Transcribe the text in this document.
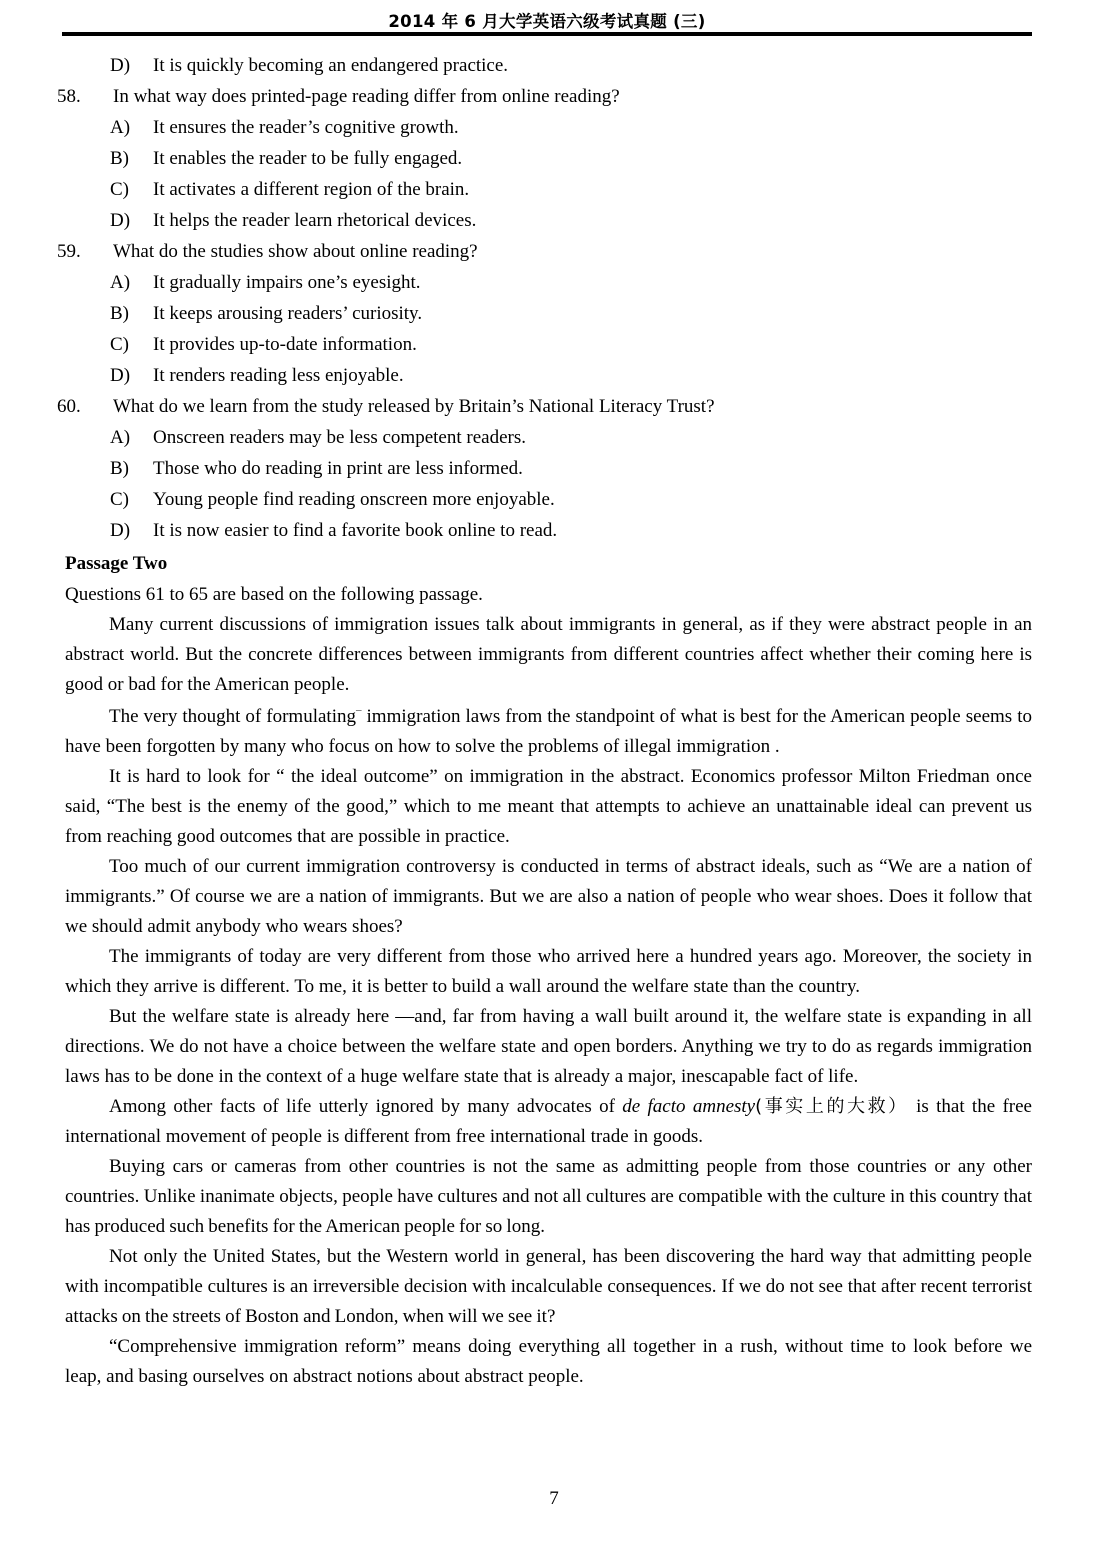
2014 年 6 月大学英语六级考试真题 (三)
D)	It is quickly becoming an endangered practice.
58.	In what way does printed-page reading differ from online reading?
A)	It ensures the reader’s cognitive growth.
B)	It enables the reader to be fully engaged.
C)	It activates a different region of the brain.
D)	It helps the reader learn rhetorical devices.
59.	What do the studies show about online reading?
A)	It gradually impairs one’s eyesight.
B)	It keeps arousing readers’ curiosity.
C)	It provides up-to-date information.
D)	It renders reading less enjoyable.
60.	What do we learn from the study released by Britain’s National Literacy Trust?
A)	Onscreen readers may be less competent readers.
B)	Those who do reading in print are less informed.
C)	Young people find reading onscreen more enjoyable.
D)	It is now easier to find a favorite book online to read.
Passage Two
Questions 61 to 65 are based on the following passage.

Many current discussions of immigration issues talk about immigrants in general, as if they were abstract people in an abstract world. But the concrete differences between immigrants from different countries affect whether their coming here is good or bad for the American people.

The very thought of formulating¯ immigration laws from the standpoint of what is best for the American people seems to have been forgotten by many who focus on how to solve the problems of illegal immigration .

It is hard to look for “ the ideal outcome” on immigration in the abstract. Economics professor Milton Friedman once said, “The best is the enemy of the good,” which to me meant that attempts to achieve an unattainable ideal can prevent us from reaching good outcomes that are possible in practice.

Too much of our current immigration controversy is conducted in terms of abstract ideals, such as “We are a nation of immigrants.” Of course we are a nation of immigrants. But we are also a nation of people who wear shoes. Does it follow that we should admit anybody who wears shoes?

The immigrants of today are very different from those who arrived here a hundred years ago. Moreover, the society in which they arrive is different. To me, it is better to build a wall around the welfare state than the country.

But the welfare state is already here —and, far from having a wall built around it, the welfare state is expanding in all directions. We do not have a choice between the welfare state and open borders. Anything we try to do as regards immigration laws has to be done in the context of a huge welfare state that is already a major, inescapable fact of life.

Among other facts of life utterly ignored by many advocates of de facto amnesty(事实上的大救） is that the free international movement of people is different from free international trade in goods.

Buying cars or cameras from other countries is not the same as admitting people from those countries or any other countries. Unlike inanimate objects, people have cultures and not all cultures are compatible with the culture in this country that has produced such benefits for the American people for so long.

Not only the United States, but the Western world in general, has been discovering the hard way that admitting people with incompatible cultures is an irreversible decision with incalculable consequences. If we do not see that after recent terrorist attacks on the streets of Boston and London, when will we see it?

“Comprehensive immigration reform” means doing everything all together in a rush, without time to look before we leap, and basing ourselves on abstract notions about abstract people.

7
